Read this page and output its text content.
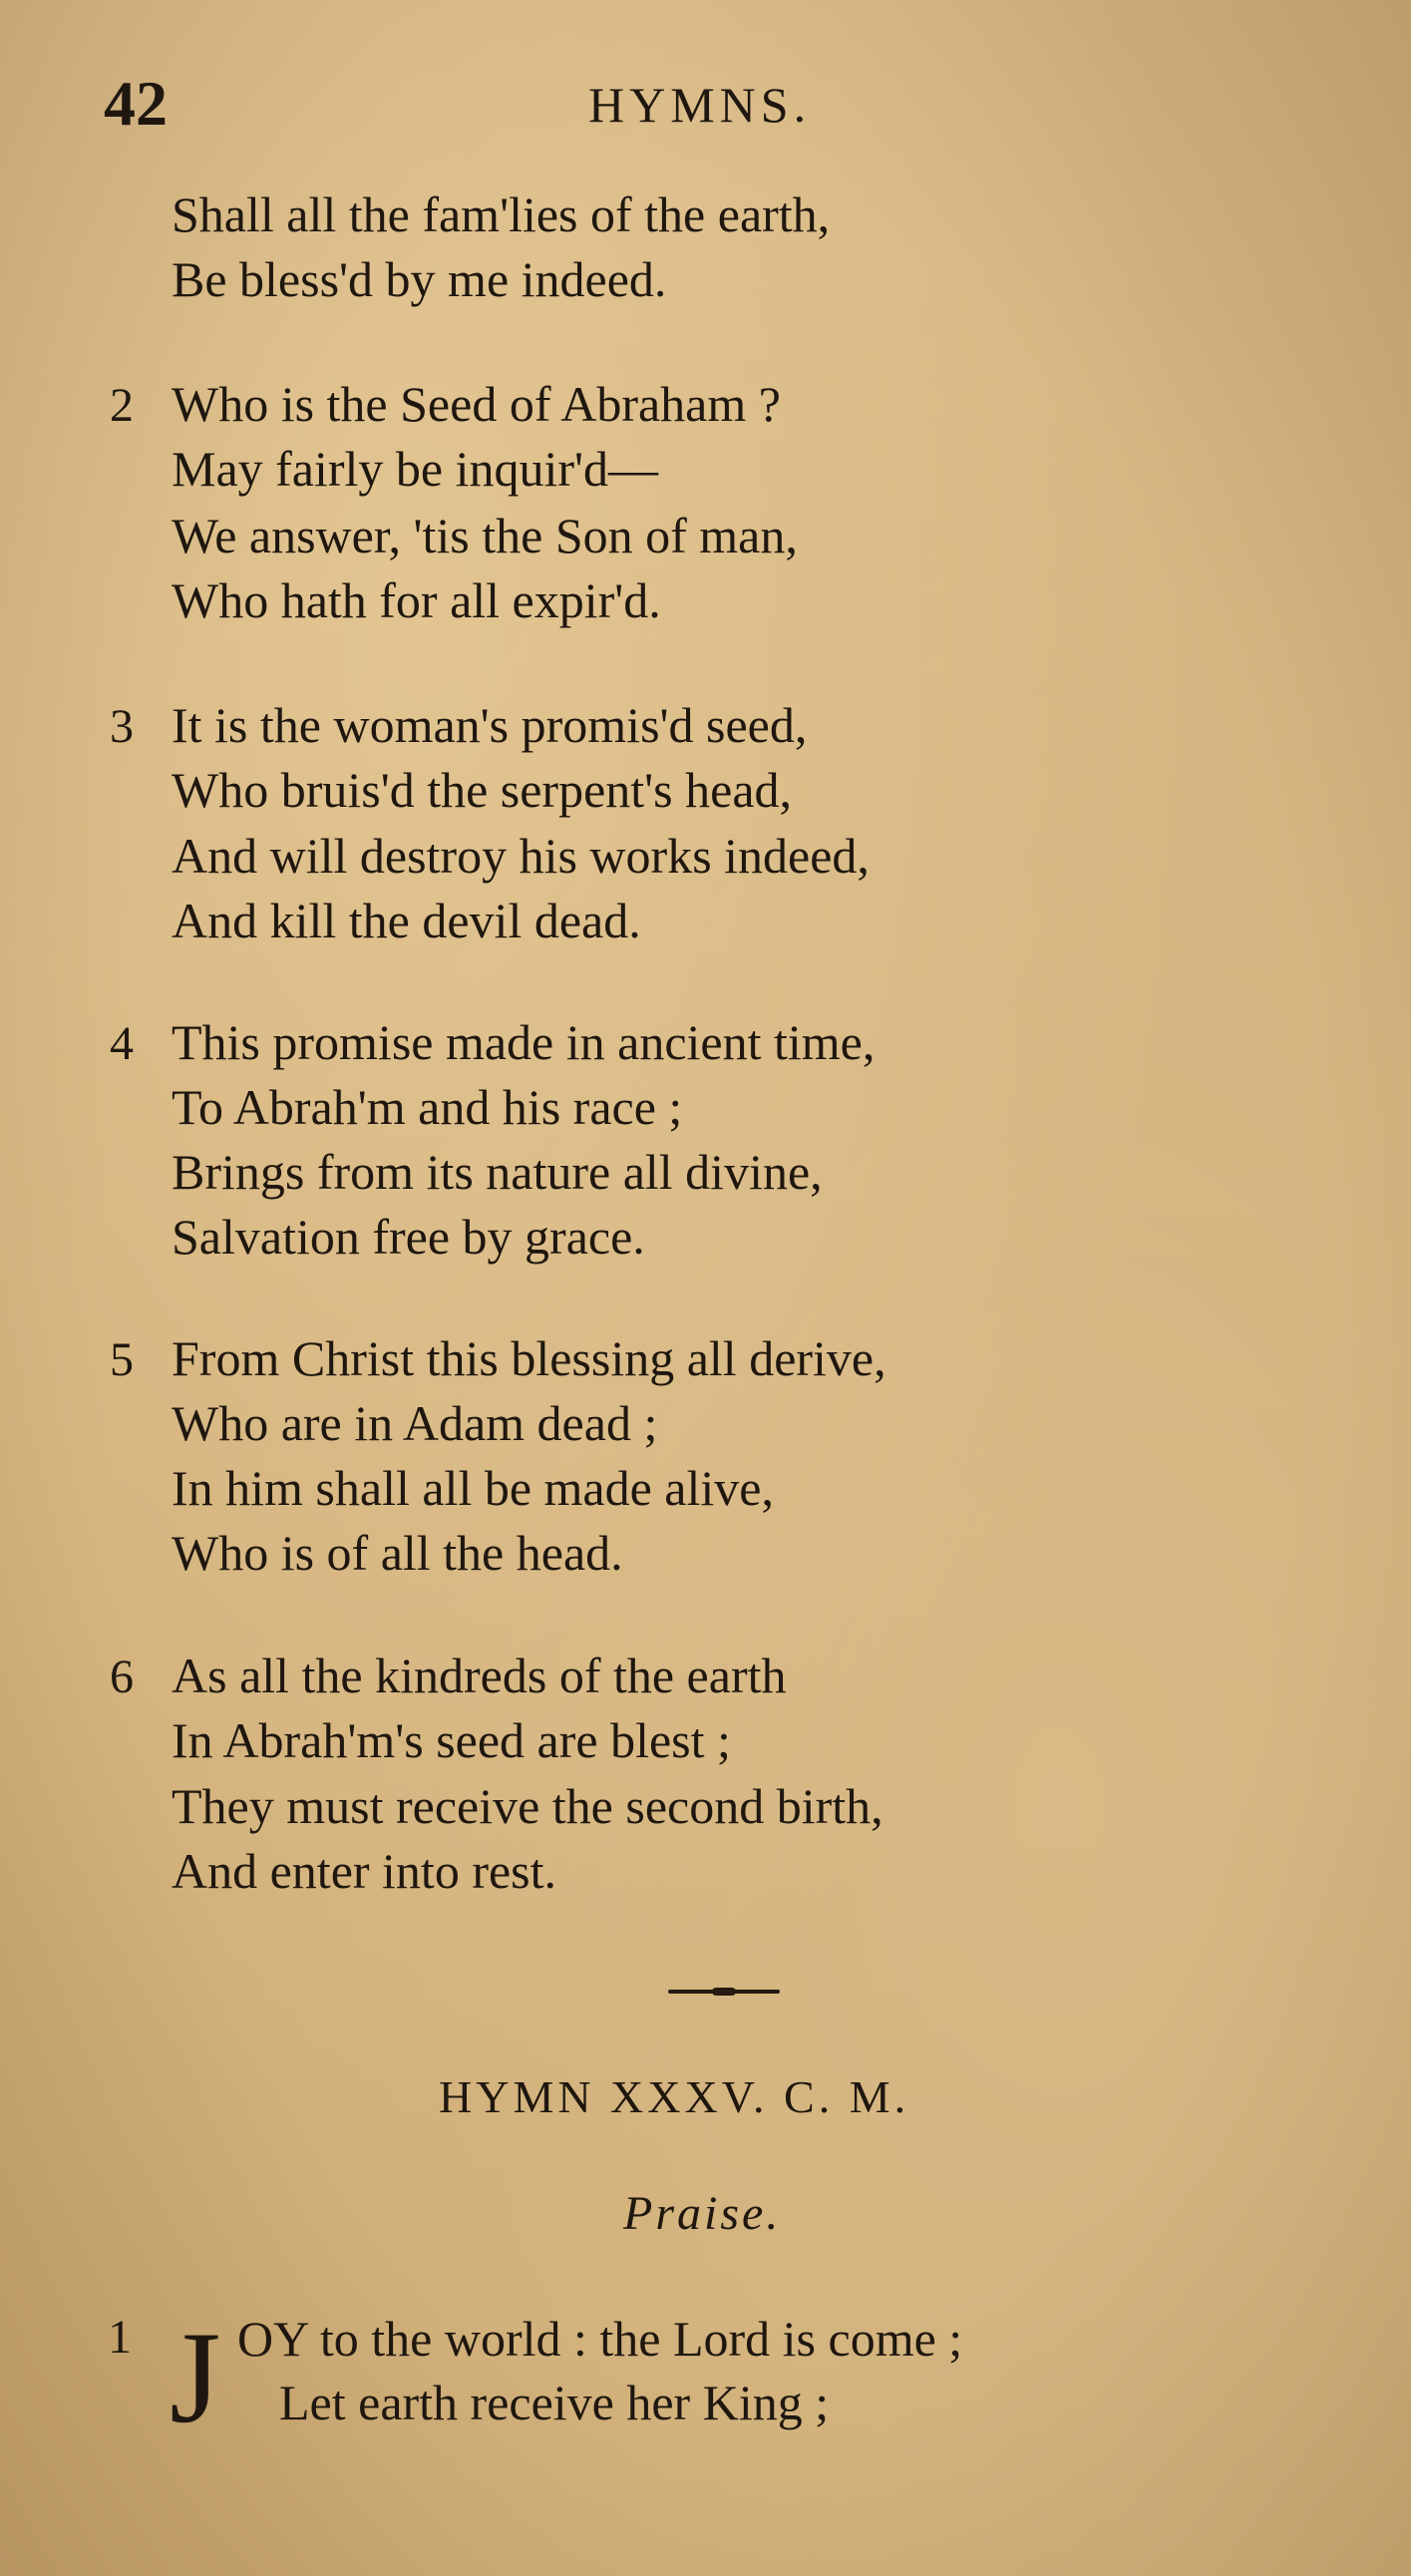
42	HYMNS.
Shall all the fam'lies of the earth,
Be bless'd by me indeed.
2 Who is the Seed of Abraham ?
May fairly be inquir'd—
We answer, 'tis the Son of man,
Who hath for all expir'd.
3 It is the woman's promis'd seed,
Who bruis'd the serpent's head,
And will destroy his works indeed,
And kill the devil dead.
4 This promise made in ancient time,
To Abrah'm and his race ;
Brings from its nature all divine,
Salvation free by grace.
5 From Christ this blessing all derive,
Who are in Adam dead ;
In him shall all be made alive,
Who is of all the head.
6 As all the kindreds of the earth
In Abrah'm's seed are blest ;
They must receive the second birth,
And enter into rest.
HYMN XXXV. C. M.
Praise.
1 J OY to the world : the Lord is come ;
Let earth receive her King ;
